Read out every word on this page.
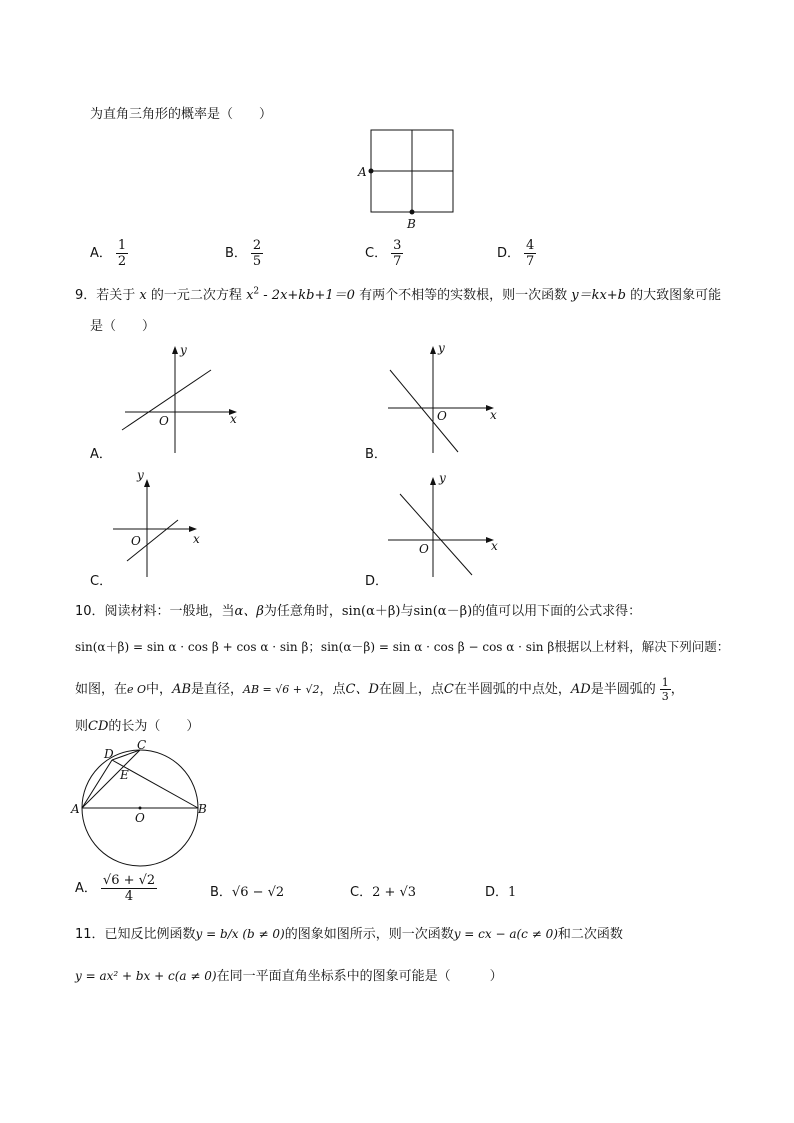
为直角三角形的概率是（　　）
A
B
A． $\frac{1}{2}$	B． $\frac{2}{5}$	C． $\frac{3}{7}$	D． $\frac{4}{7}$
9．若关于 x 的一元二次方程 $x^2 - 2x+kb+1=0$ 有两个不相等的实数根，则一次函数 y＝kx+b 的大致图象可能
是（　　）
x
y
O
A．
x
y
O
B．
x
y
O
C．
x
y
O
D．
10．阅读材料：一般地，当α、β为任意角时，sin(α＋β)与sin(α－β)的值可以用下面的公式求得：
sin(α＋β) = sin α · cos β + cos α · sin β；sin(α－β) = sin α · cos β − cos α · sin β根据以上材料，解决下列问题：
如图，在e O中，AB是直径，AB = √6 + √2，点C、D在圆上，点C在半圆弧的中点处，AD是半圆弧的 $\frac{1}{3}$ ，
则CD的长为（　　）
A	B
C
D
E
O
A． $\frac{√6 + √2}{4}$	B．√6 − √2	C．2 + √3	D．1
11．已知反比例函数y = b/x (b ≠ 0)的图象如图所示，则一次函数y = cx − a(c ≠ 0)和二次函数
y = ax² + bx + c(a ≠ 0)在同一平面直角坐标系中的图象可能是（　　　）
